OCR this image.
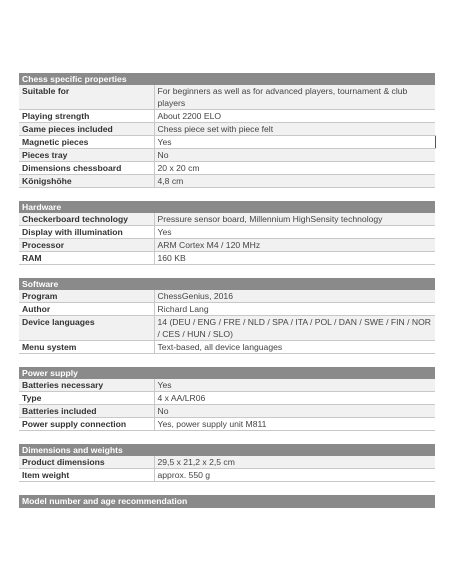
Chess specific properties
Suitable for	For beginners as well as for advanced players, tournament & club players
Playing strength	About 2200 ELO
Game pieces included	Chess piece set with piece felt
Magnetic pieces	Yes
Pieces tray	No
Dimensions chessboard	20 x 20 cm
Königshöhe	4,8 cm
Hardware
Checkerboard technology	Pressure sensor board, Millennium HighSensity technology
Display with illumination	Yes
Processor	ARM Cortex M4 / 120 MHz
RAM	160 KB
Software
Program	ChessGenius, 2016
Author	Richard Lang
Device languages	14 (DEU / ENG / FRE / NLD / SPA / ITA / POL / DAN / SWE / FIN / NOR / CES / HUN / SLO)
Menu system	Text-based, all device languages
Power supply
Batteries necessary	Yes
Type	4 x AA/LR06
Batteries included	No
Power supply connection	Yes, power supply unit M811
Dimensions and weights
Product dimensions	29,5 x 21,2 x 2,5 cm
Item weight	approx. 550 g
Model number and age recommendation
